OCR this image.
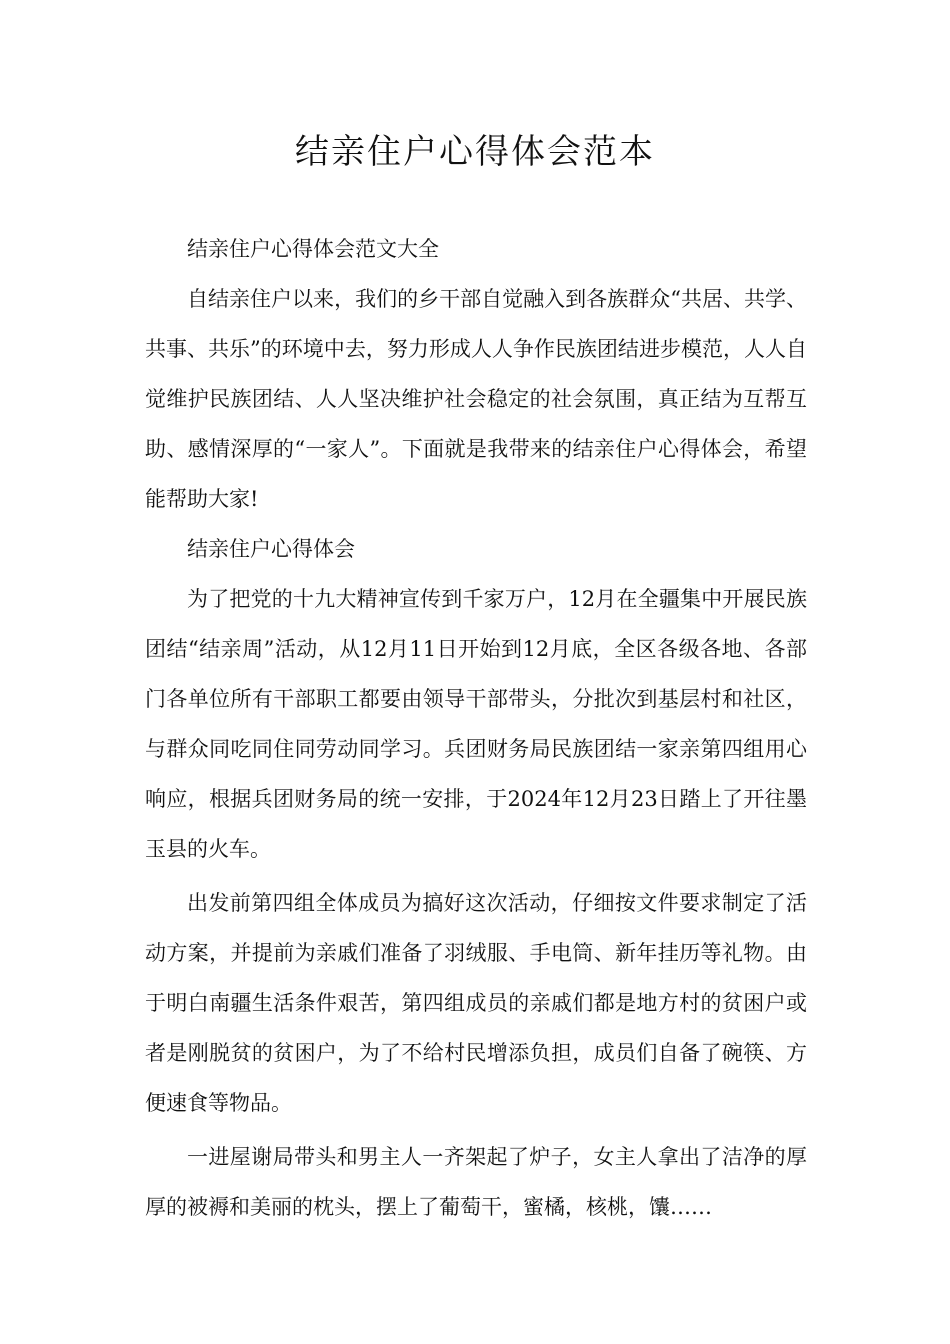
结亲住户心得体会范本

结亲住户心得体会范文大全

自结亲住户以来，我们的乡干部自觉融入到各族群众“共居、共学、共事、共乐”的环境中去，努力形成人人争作民族团结进步模范，人人自觉维护民族团结、人人坚决维护社会稳定的社会氛围，真正结为互帮互助、感情深厚的“一家人”。下面就是我带来的结亲住户心得体会，希望能帮助大家!

结亲住户心得体会

为了把党的十九大精神宣传到千家万户，12月在全疆集中开展民族团结“结亲周”活动，从12月11日开始到12月底，全区各级各地、各部门各单位所有干部职工都要由领导干部带头，分批次到基层村和社区，与群众同吃同住同劳动同学习。兵团财务局民族团结一家亲第四组用心响应，根据兵团财务局的统一安排，于2024年12月23日踏上了开往墨玉县的火车。

出发前第四组全体成员为搞好这次活动，仔细按文件要求制定了活动方案，并提前为亲戚们准备了羽绒服、手电筒、新年挂历等礼物。由于明白南疆生活条件艰苦，第四组成员的亲戚们都是地方村的贫困户或者是刚脱贫的贫困户，为了不给村民增添负担，成员们自备了碗筷、方便速食等物品。

一进屋谢局带头和男主人一齐架起了炉子，女主人拿出了洁净的厚厚的被褥和美丽的枕头，摆上了葡萄干，蜜橘，核桃，馕……
